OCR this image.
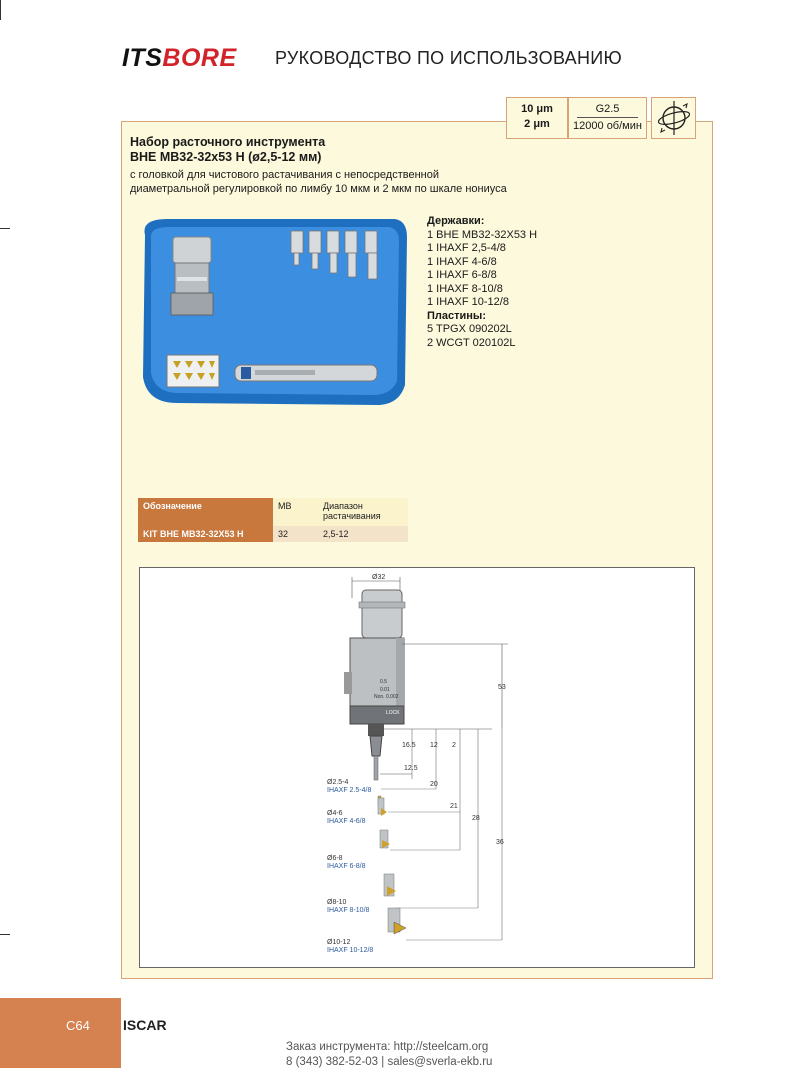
ITSBORE РУКОВОДСТВО ПО ИСПОЛЬЗОВАНИЮ
10 μm
2 μm
G2.5
12000 об/мин
Набор расточного инструмента
BHE MB32-32x53 H (ø2,5-12 мм)
с головкой для чистового растачивания с непосредственной
диаметральной регулировкой по лимбу 10 мкм и 2 мкм по шкале нониуса
Державки:
1 BHE MB32-32X53 H
1 IHAXF 2,5-4/8
1 IHAXF 4-6/8
1 IHAXF 6-8/8
1 IHAXF 8-10/8
1 IHAXF 10-12/8
Пластины:
5 TPGX 090202L
2 WCGT 020102L
Обозначение	MB	Диапазон растачивания
KIT BHE MB32-32X53 H	32	2,5-12
Ø32
0.5
0.01
Non. 0.002
LOCK
53
16.5 12 2
12.5
20
21
28
36
Ø2.5-4
IHAXF 2.5-4/8
Ø4-6
IHAXF 4-6/8
Ø6-8
IHAXF 6-8/8
Ø8-10
IHAXF 8-10/8
Ø10-12
IHAXF 10-12/8
C64 ISCAR
Заказ инструмента: http://steelcam.org
8 (343) 382-52-03 | sales@sverla-ekb.ru
